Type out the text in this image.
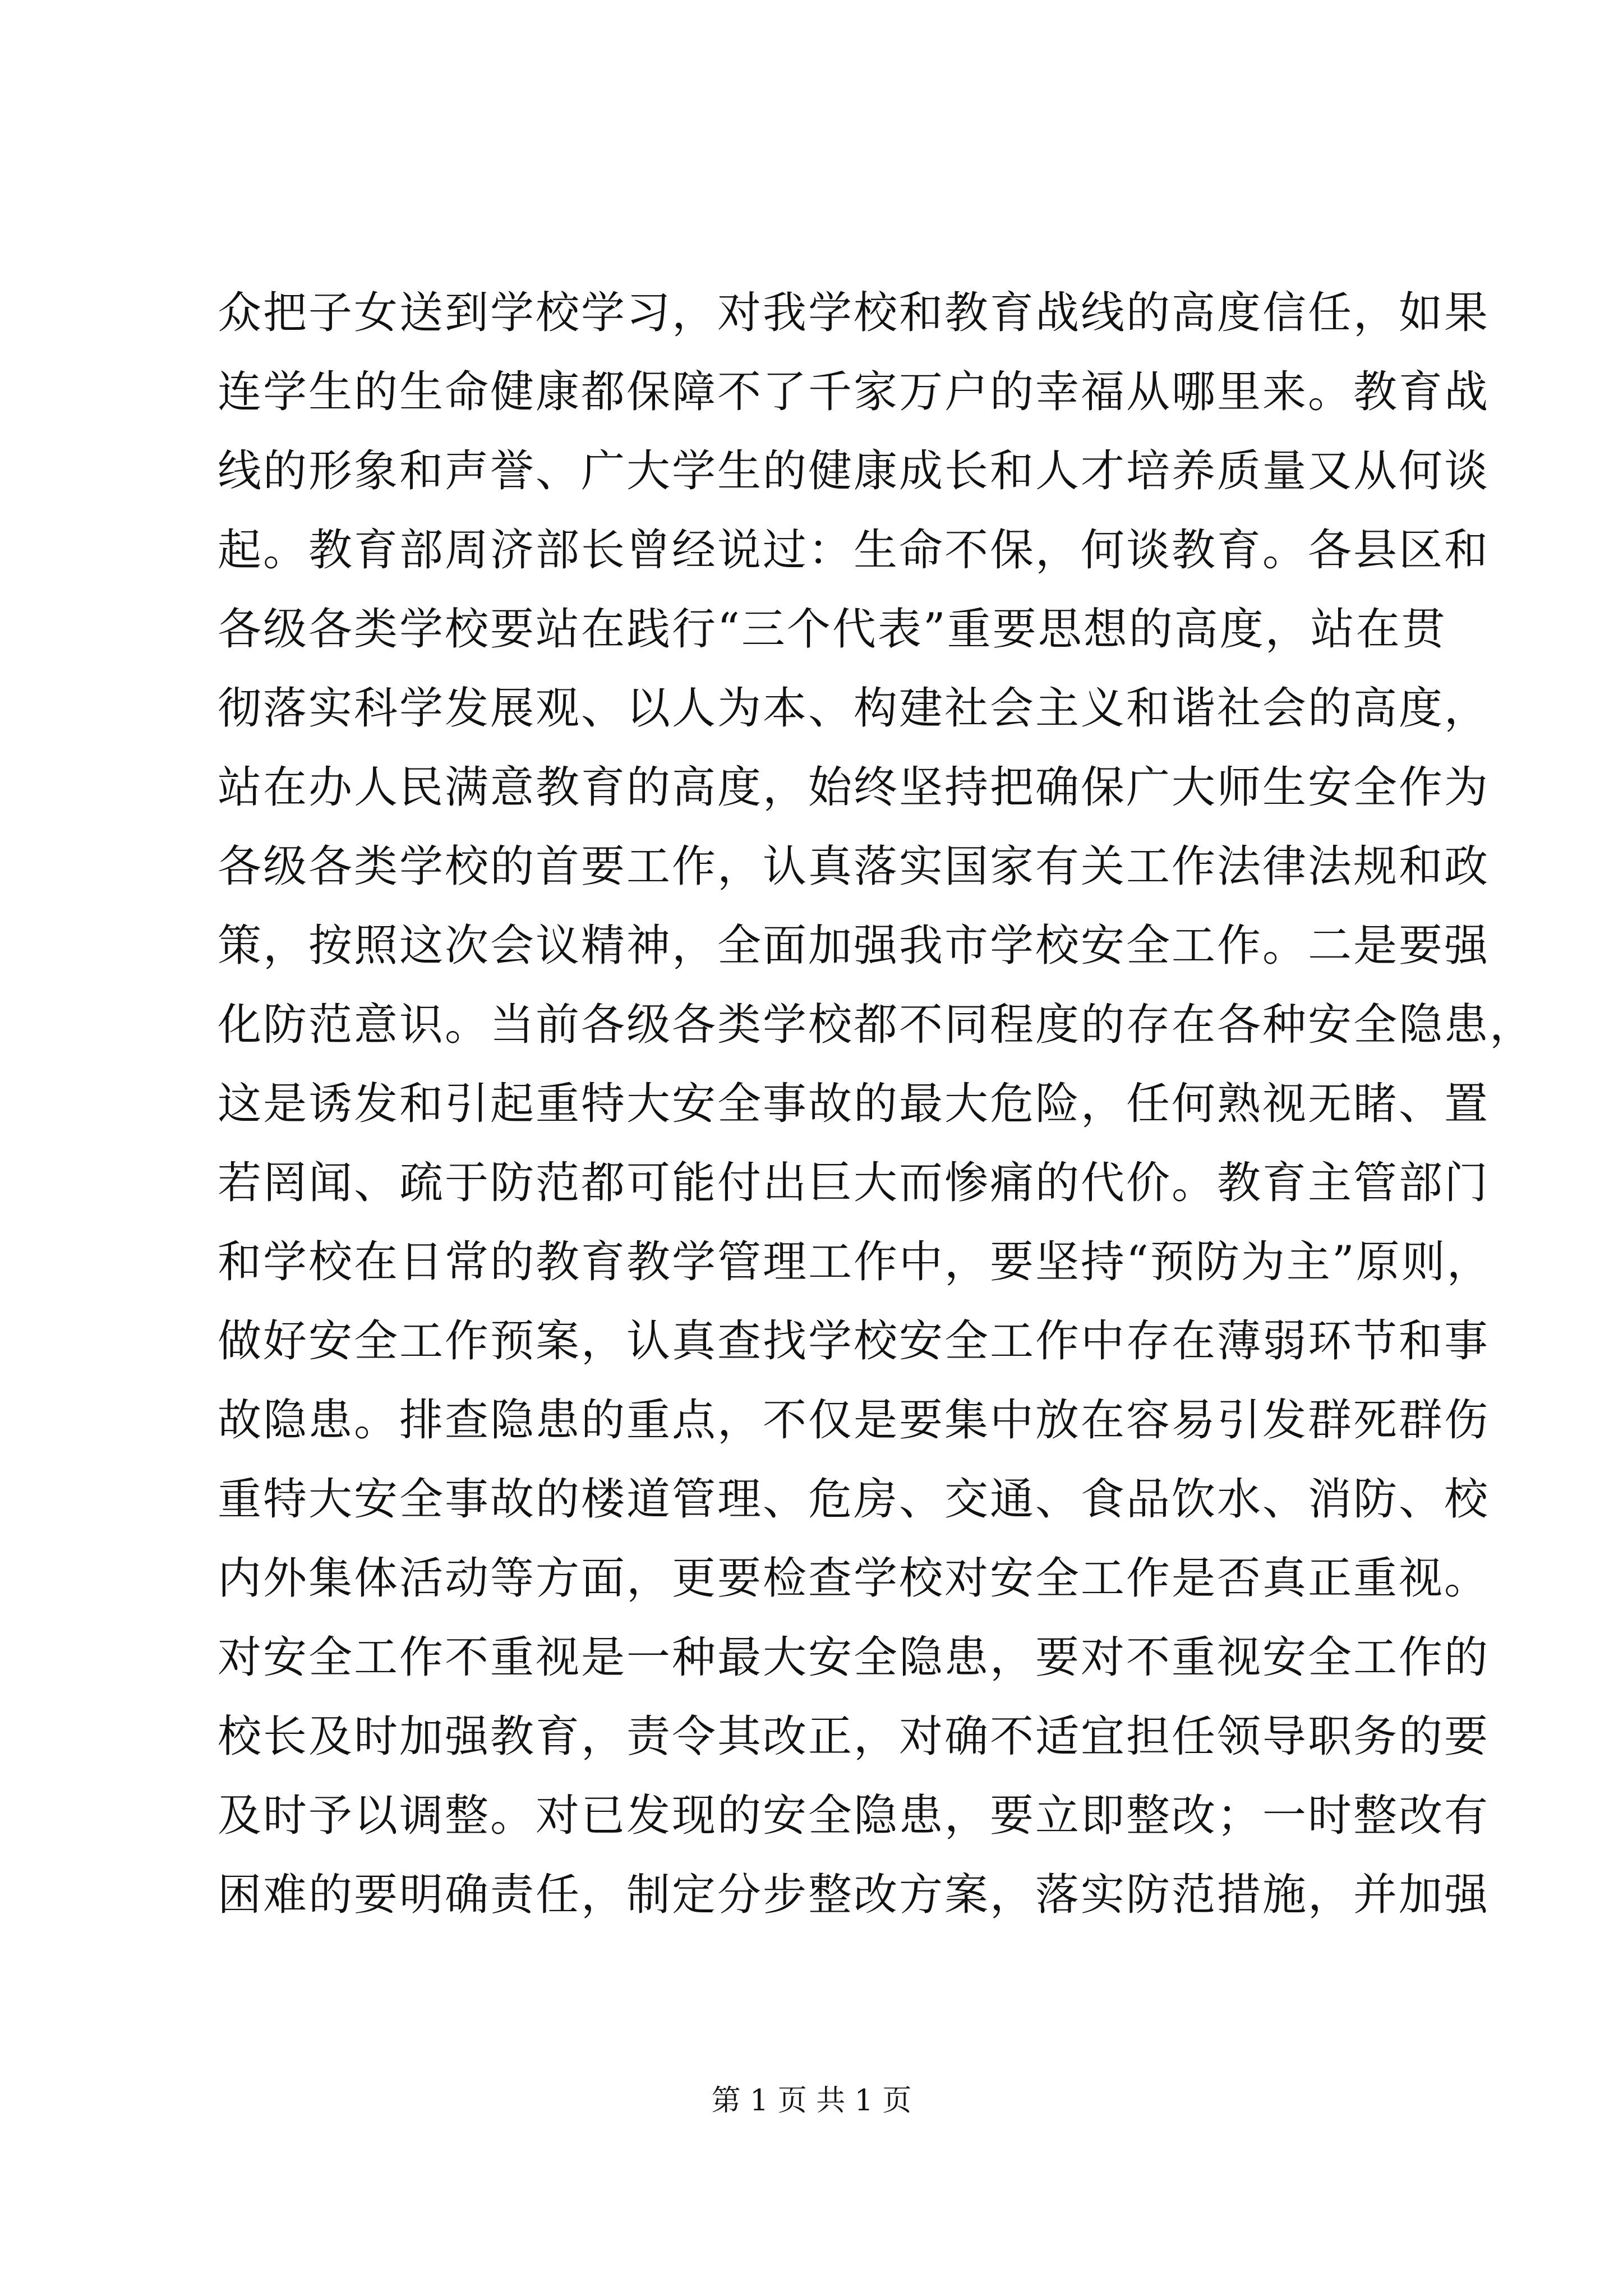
众把子女送到学校学习，对我学校和教育战线的高度信任，如果
连学生的生命健康都保障不了千家万户的幸福从哪里来。教育战
线的形象和声誉、广大学生的健康成长和人才培养质量又从何谈
起。教育部周济部长曾经说过：生命不保，何谈教育。各县区和
各级各类学校要站在践行“三个代表”重要思想的高度，站在贯
彻落实科学发展观、以人为本、构建社会主义和谐社会的高度，
站在办人民满意教育的高度，始终坚持把确保广大师生安全作为
各级各类学校的首要工作，认真落实国家有关工作法律法规和政
策，按照这次会议精神，全面加强我市学校安全工作。二是要强
化防范意识。当前各级各类学校都不同程度的存在各种安全隐患，
这是诱发和引起重特大安全事故的最大危险，任何熟视无睹、置
若罔闻、疏于防范都可能付出巨大而惨痛的代价。教育主管部门
和学校在日常的教育教学管理工作中，要坚持“预防为主”原则，
做好安全工作预案，认真查找学校安全工作中存在薄弱环节和事
故隐患。排查隐患的重点，不仅是要集中放在容易引发群死群伤
重特大安全事故的楼道管理、危房、交通、食品饮水、消防、校
内外集体活动等方面，更要检查学校对安全工作是否真正重视。
对安全工作不重视是一种最大安全隐患，要对不重视安全工作的
校长及时加强教育，责令其改正，对确不适宜担任领导职务的要
及时予以调整。对已发现的安全隐患，要立即整改；一时整改有
困难的要明确责任，制定分步整改方案，落实防范措施，并加强
第 1 页 共 1 页
